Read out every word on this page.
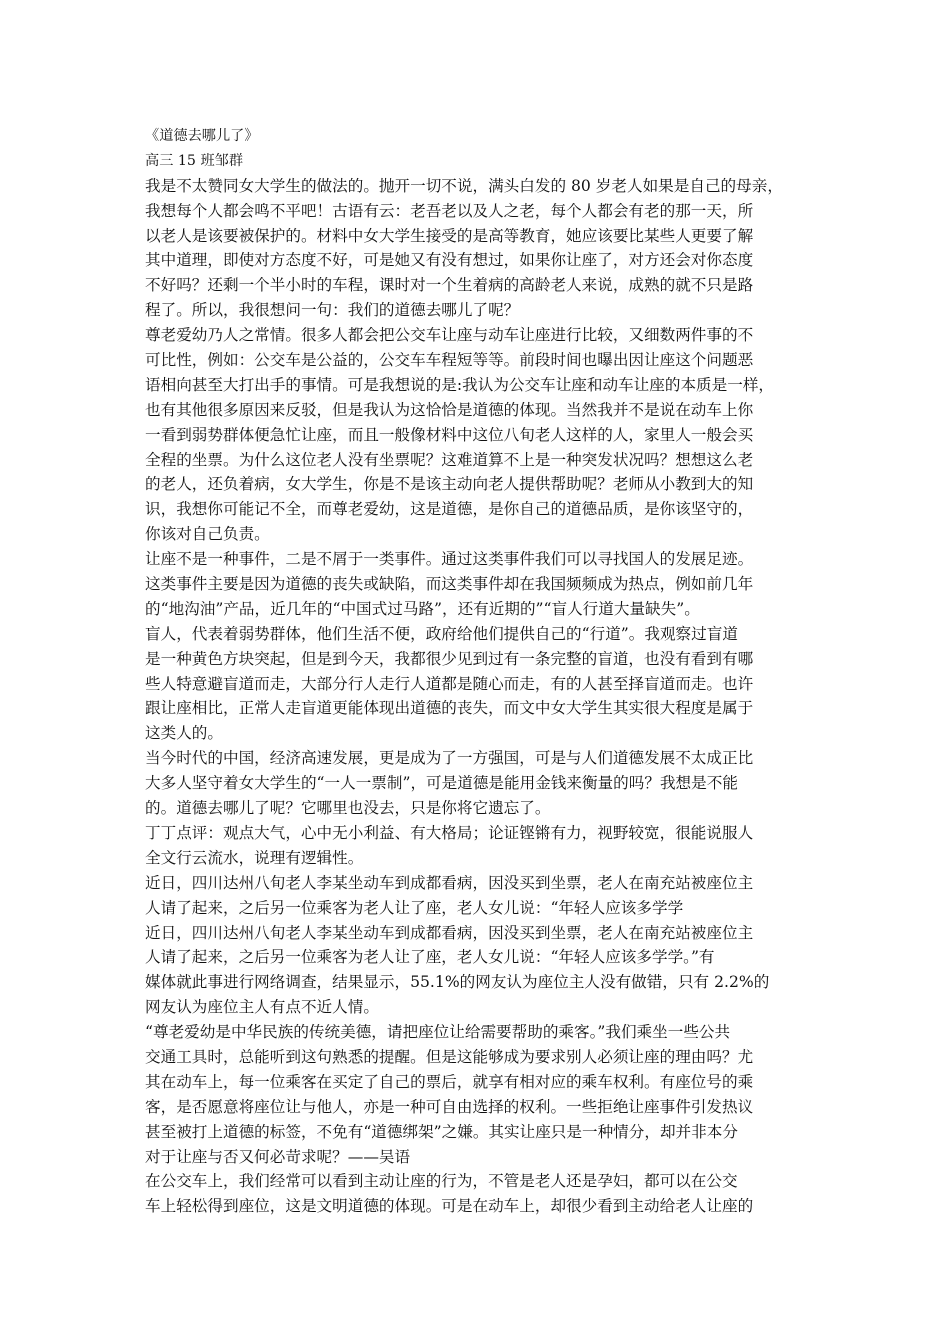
《道德去哪儿了》
高三 15 班邹群
我是不太赞同女大学生的做法的。抛开一切不说，满头白发的 80 岁老人如果是自己的母亲，
我想每个人都会鸣不平吧！古语有云：老吾老以及人之老，每个人都会有老的那一天，所
以老人是该要被保护的。材料中女大学生接受的是高等教育，她应该要比某些人更要了解
其中道理，即使对方态度不好，可是她又有没有想过，如果你让座了，对方还会对你态度
不好吗？还剩一个半小时的车程，课时对一个生着病的高龄老人来说，成熟的就不只是路
程了。所以，我很想问一句：我们的道德去哪儿了呢？
尊老爱幼乃人之常情。很多人都会把公交车让座与动车让座进行比较，又细数两件事的不
可比性，例如：公交车是公益的，公交车车程短等等。前段时间也曝出因让座这个问题恶
语相向甚至大打出手的事情。可是我想说的是:我认为公交车让座和动车让座的本质是一样，
也有其他很多原因来反驳，但是我认为这恰恰是道德的体现。当然我并不是说在动车上你
一看到弱势群体便急忙让座，而且一般像材料中这位八旬老人这样的人，家里人一般会买
全程的坐票。为什么这位老人没有坐票呢？这难道算不上是一种突发状况吗？想想这么老
的老人，还负着病，女大学生，你是不是该主动向老人提供帮助呢？老师从小教到大的知
识，我想你可能记不全，而尊老爱幼，这是道德，是你自己的道德品质，是你该坚守的，
你该对自己负责。
让座不是一种事件，二是不屑于一类事件。通过这类事件我们可以寻找国人的发展足迹。
这类事件主要是因为道德的丧失或缺陷，而这类事件却在我国频频成为热点，例如前几年
的“地沟油”产品，近几年的“中国式过马路”，还有近期的”“盲人行道大量缺失”。
盲人，代表着弱势群体，他们生活不便，政府给他们提供自己的“行道”。我观察过盲道
是一种黄色方块突起，但是到今天，我都很少见到过有一条完整的盲道，也没有看到有哪
些人特意避盲道而走，大部分行人走行人道都是随心而走，有的人甚至择盲道而走。也许
跟让座相比，正常人走盲道更能体现出道德的丧失，而文中女大学生其实很大程度是属于
这类人的。
当今时代的中国，经济高速发展，更是成为了一方强国，可是与人们道德发展不太成正比
大多人坚守着女大学生的“一人一票制”，可是道德是能用金钱来衡量的吗？我想是不能
的。道德去哪儿了呢？它哪里也没去，只是你将它遗忘了。
丁丁点评：观点大气，心中无小利益、有大格局；论证铿锵有力，视野较宽，很能说服人
全文行云流水，说理有逻辑性。
近日，四川达州八旬老人李某坐动车到成都看病，因没买到坐票，老人在南充站被座位主
人请了起来，之后另一位乘客为老人让了座，老人女儿说：“年轻人应该多学学
近日，四川达州八旬老人李某坐动车到成都看病，因没买到坐票，老人在南充站被座位主
人请了起来，之后另一位乘客为老人让了座，老人女儿说：“年轻人应该多学学。”有
媒体就此事进行网络调查，结果显示，55.1%的网友认为座位主人没有做错，只有 2.2%的
网友认为座位主人有点不近人情。
“尊老爱幼是中华民族的传统美德，请把座位让给需要帮助的乘客。”我们乘坐一些公共
交通工具时，总能听到这句熟悉的提醒。但是这能够成为要求别人必须让座的理由吗？尤
其在动车上，每一位乘客在买定了自己的票后，就享有相对应的乘车权利。有座位号的乘
客，是否愿意将座位让与他人，亦是一种可自由选择的权利。一些拒绝让座事件引发热议
甚至被打上道德的标签，不免有“道德绑架”之嫌。其实让座只是一种情分，却并非本分
对于让座与否又何必苛求呢？——吴语
在公交车上，我们经常可以看到主动让座的行为，不管是老人还是孕妇，都可以在公交
车上轻松得到座位，这是文明道德的体现。可是在动车上，却很少看到主动给老人让座的
